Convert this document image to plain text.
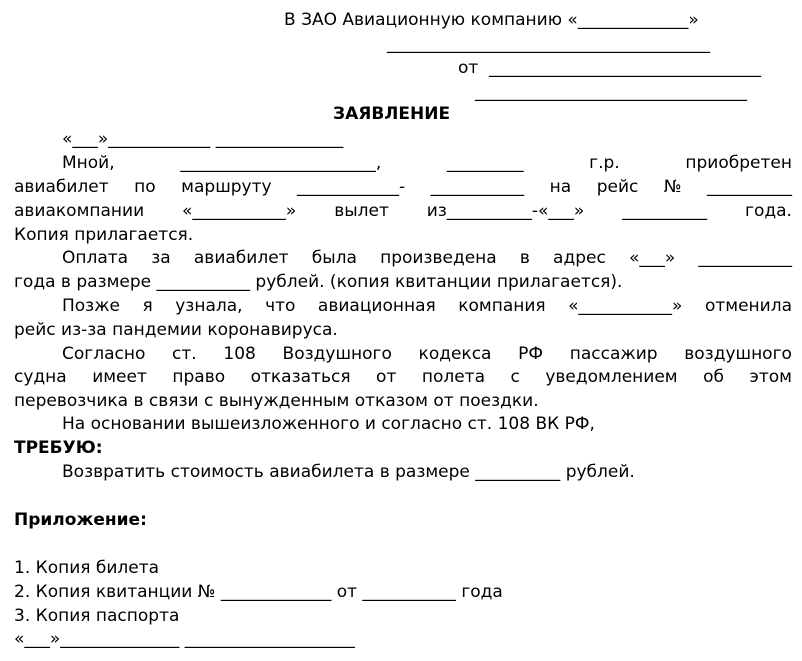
В ЗАО Авиационную компанию «_____________»
______________________________________
от ________________________________
________________________________
ЗАЯВЛЕНИЕ
«___»____________ _______________
Мной,	_______________________,	_________	г.р.	приобретен
авиабилет по маршруту ____________- ___________ на рейс № __________
авиакомпании «___________» вылет из__________-«___» __________ года.
Копия прилагается.
Оплата за авиабилет была произведена в адрес «___» ___________
года в размере ___________ рублей. (копия квитанции прилагается).
Позже я узнала, что авиационная компания «___________» отменила
рейс из-за пандемии коронавируса.
Согласно ст. 108 Воздушного кодекса РФ пассажир воздушного
судна имеет право отказаться от полета с уведомлением об этом
перевозчика в связи с вынужденным отказом от поездки.
На основании вышеизложенного и согласно ст. 108 ВК РФ,
ТРЕБУЮ:
Возвратить стоимость авиабилета в размере __________ рублей.
Приложение:
1. Копия билета
2. Копия квитанции № _____________ от ___________ года
3. Копия паспорта
«___»______________ ____________________
